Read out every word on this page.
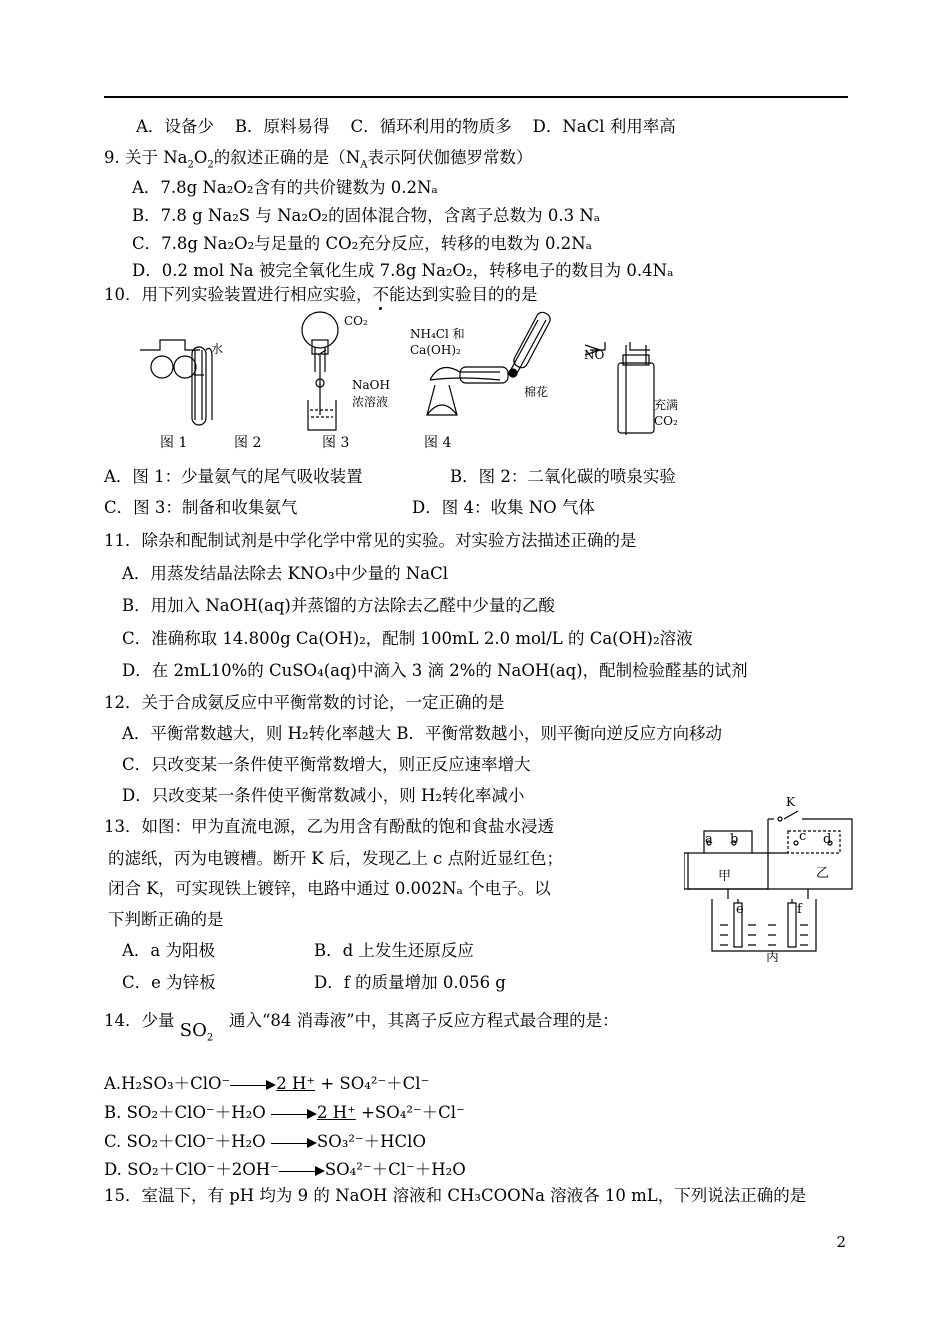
A．设备少 B．原料易得 C．循环利用的物质多 D．NaCl 利用率高
9. 关于 $Na_2O_2$的叙述正确的是（$N_A$表示阿伏伽德罗常数）
A．7.8g Na₂O₂含有的共价键数为 0.2Nₐ
B．7.8 g Na₂S 与 Na₂O₂的固体混合物，含离子总数为 0.3 Nₐ
C．7.8g Na₂O₂与足量的 CO₂充分反应，转移的电数为 0.2Nₐ
D．0.2 mol Na 被完全氧化生成 7.8g Na₂O₂，转移电子的数目为 0.4Nₐ
10．用下列实验装置进行相应实验，不能达到实验目的的是
水
CO₂
NaOH
浓溶液
NH₄Cl 和
Ca(OH)₂
棉花
NO
充满
CO₂
图 1	图 2	图 3	图 4
A．图 1：少量氨气的尾气吸收装置	B．图 2：二氧化碳的喷泉实验
C．图 3：制备和收集氨气	D．图 4：收集 NO 气体
11．除杂和配制试剂是中学化学中常见的实验。对实验方法描述正确的是
A．用蒸发结晶法除去 KNO₃中少量的 NaCl
B．用加入 NaOH(aq)并蒸馏的方法除去乙醛中少量的乙酸
C．准确称取 14.800g Ca(OH)₂，配制 100mL 2.0 mol/L 的 Ca(OH)₂溶液
D．在 2mL10%的 CuSO₄(aq)中滴入 3 滴 2%的 NaOH(aq)，配制检验醛基的试剂
12．关于合成氨反应中平衡常数的讨论，一定正确的是
A．平衡常数越大，则 H₂转化率越大 B．平衡常数越小，则平衡向逆反应方向移动
C．只改变某一条件使平衡常数增大，则正反应速率增大
D．只改变某一条件使平衡常数减小，则 H₂转化率减小
13．如图：甲为直流电源，乙为用含有酚酞的饱和食盐水浸透
的滤纸，丙为电镀槽。断开 K 后，发现乙上 c 点附近显红色；
闭合 K，可实现铁上镀锌，电路中通过 0.002Nₐ 个电子。以
下判断正确的是
A．a 为阳极	B．d 上发生还原反应
C．e 为锌板	D．f 的质量增加 0.056 g
K
a b	c d
甲	乙
e	f
丙
14．少量 $SO_2$ 通入“84 消毒液”中，其离子反应方程式最合理的是：
A.H₂SO₃＋ClO⁻	2 H⁺ + SO₄²⁻＋Cl⁻
B. SO₂＋ClO⁻＋H₂O	2 H⁺ +SO₄²⁻＋Cl⁻
C. SO₂＋ClO⁻＋H₂O	SO₃²⁻＋HClO
D. SO₂＋ClO⁻＋2OH⁻	SO₄²⁻＋Cl⁻＋H₂O
15．室温下，有 pH 均为 9 的 NaOH 溶液和 CH₃COONa 溶液各 10 mL，下列说法正确的是
2
